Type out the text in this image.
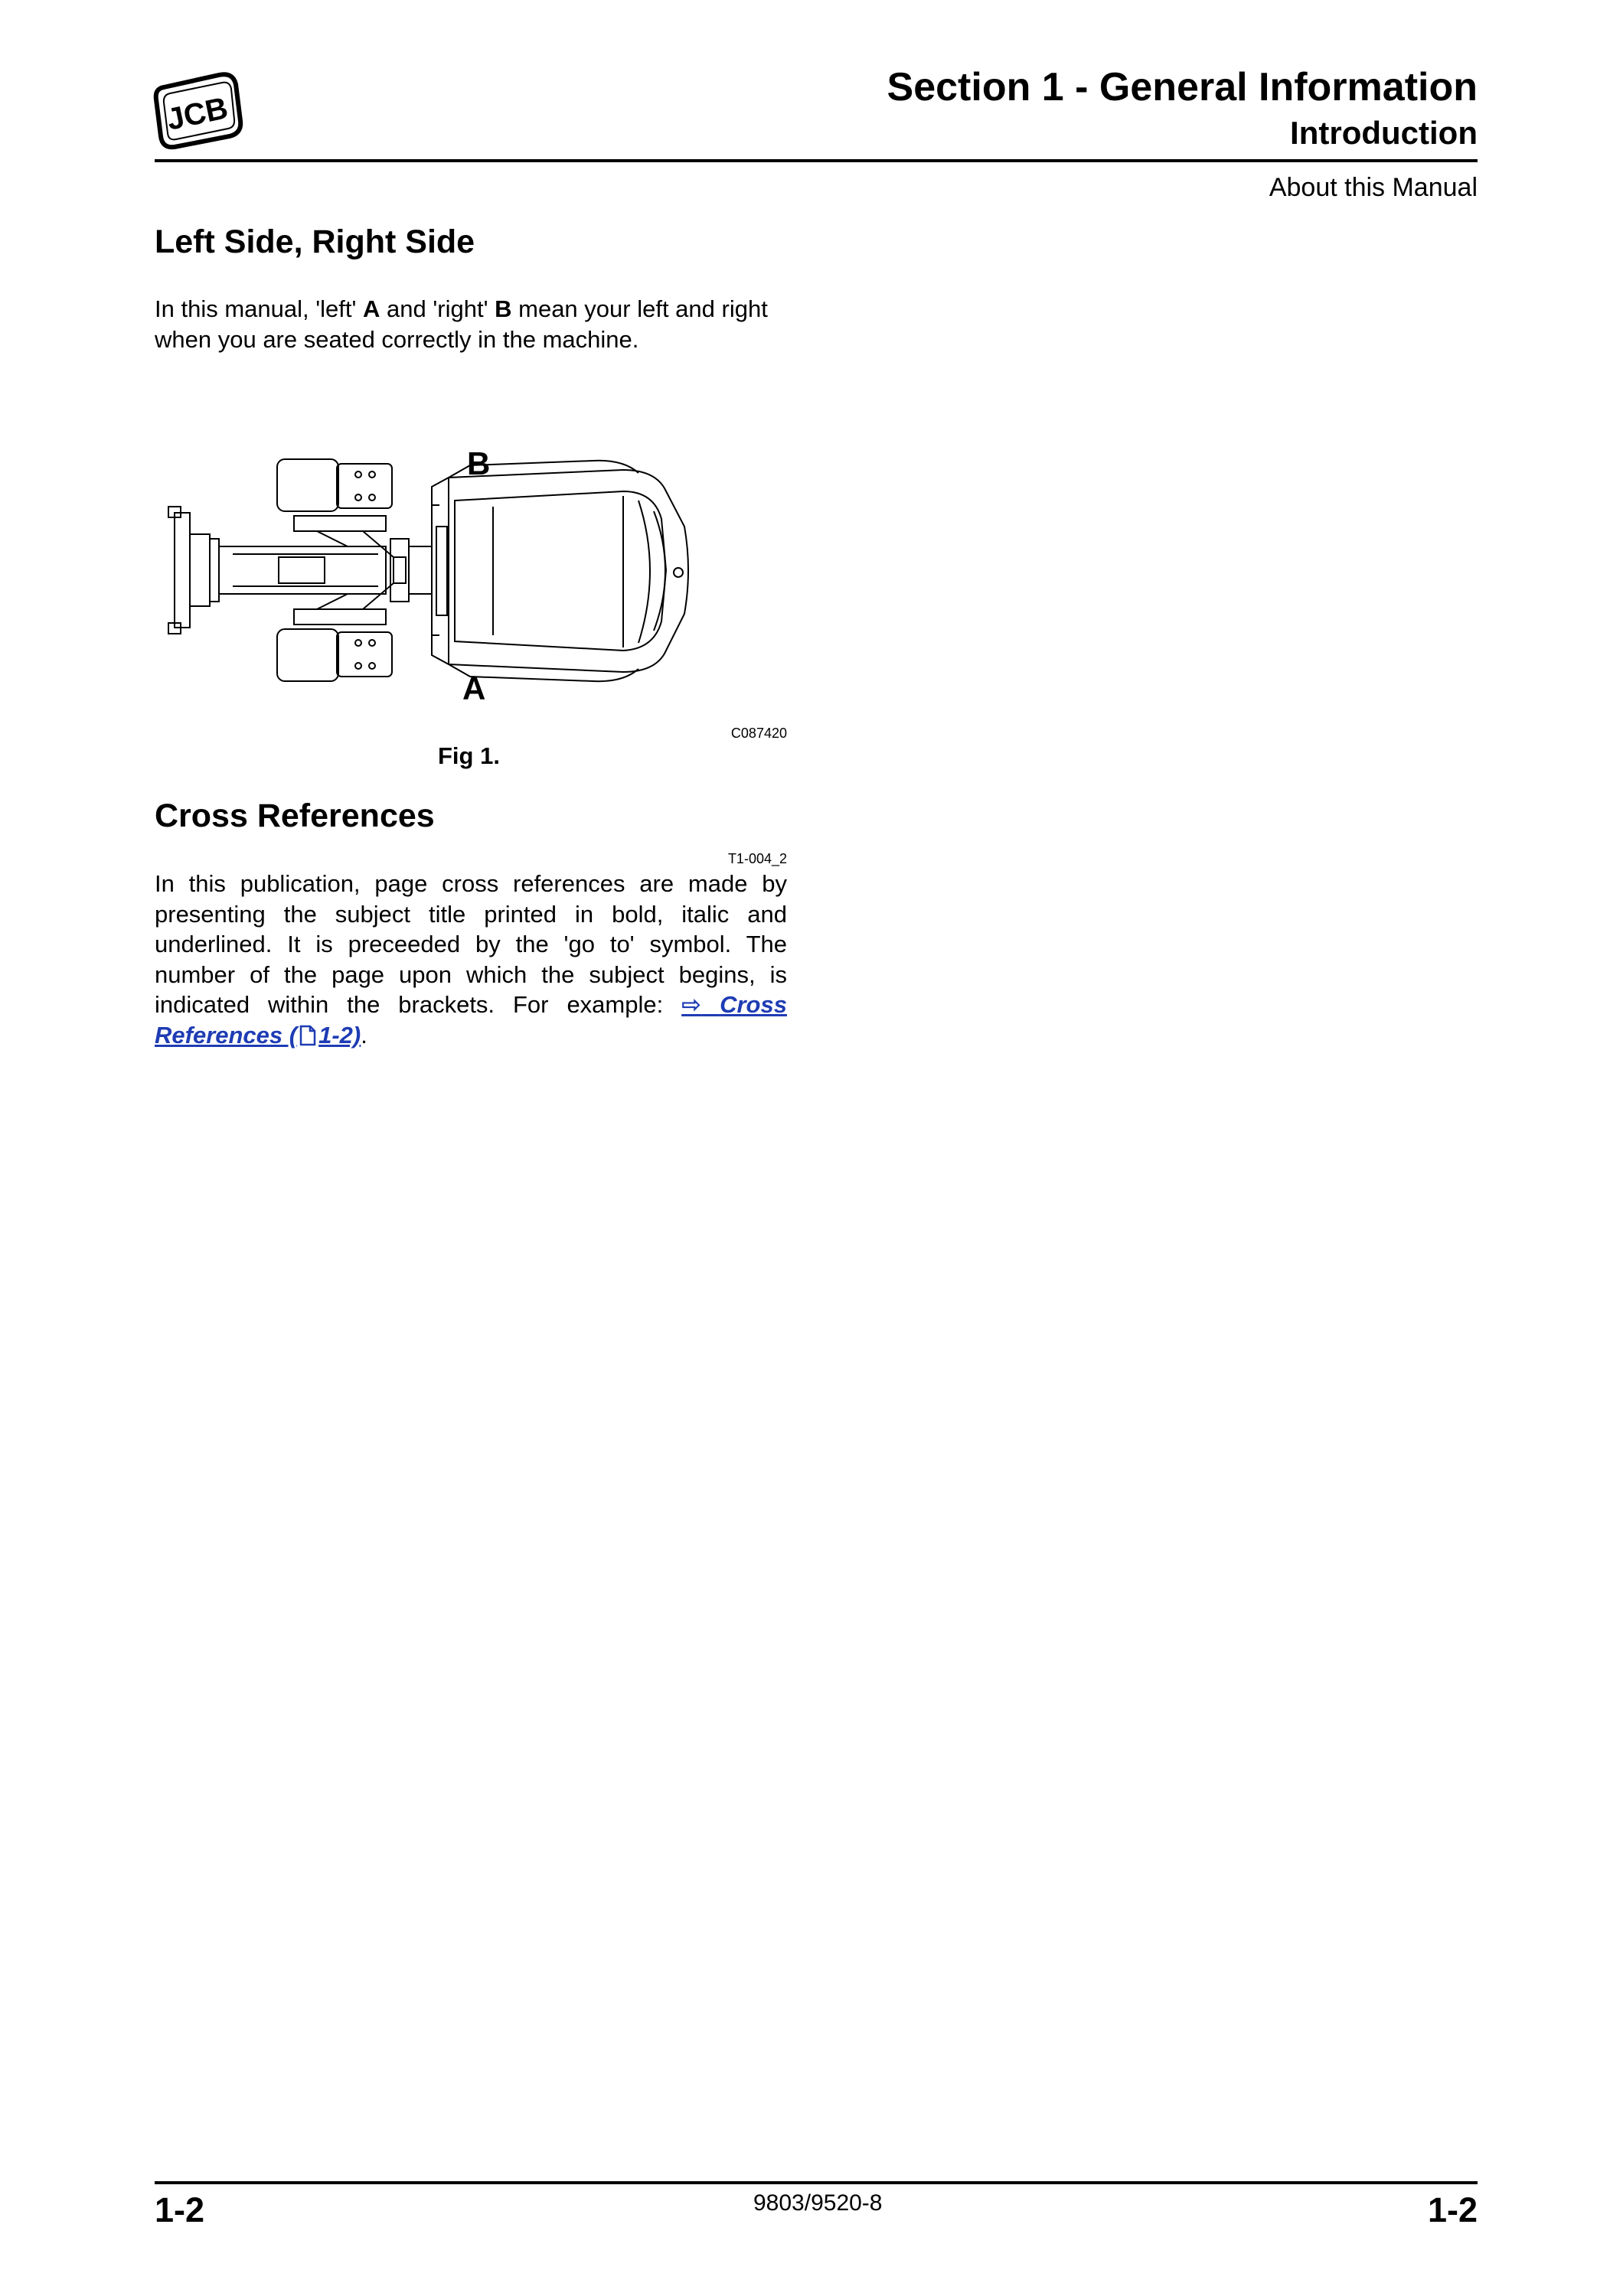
JCB
Section 1 - General Information
Introduction
About this Manual
Left Side, Right Side
In this manual, 'left' A and 'right' B mean your left and right when you are seated correctly in the machine.
B
A
C087420
Fig 1.
Cross References
T1-004_2
In this publication, page cross references are made by presenting the subject title printed in bold, italic and underlined. It is preceeded by the 'go to' symbol. The number of the page upon which the subject begins, is indicated within the brackets. For example: ⇨ Cross References ( 1-2).
1-2	9803/9520-8	1-2
